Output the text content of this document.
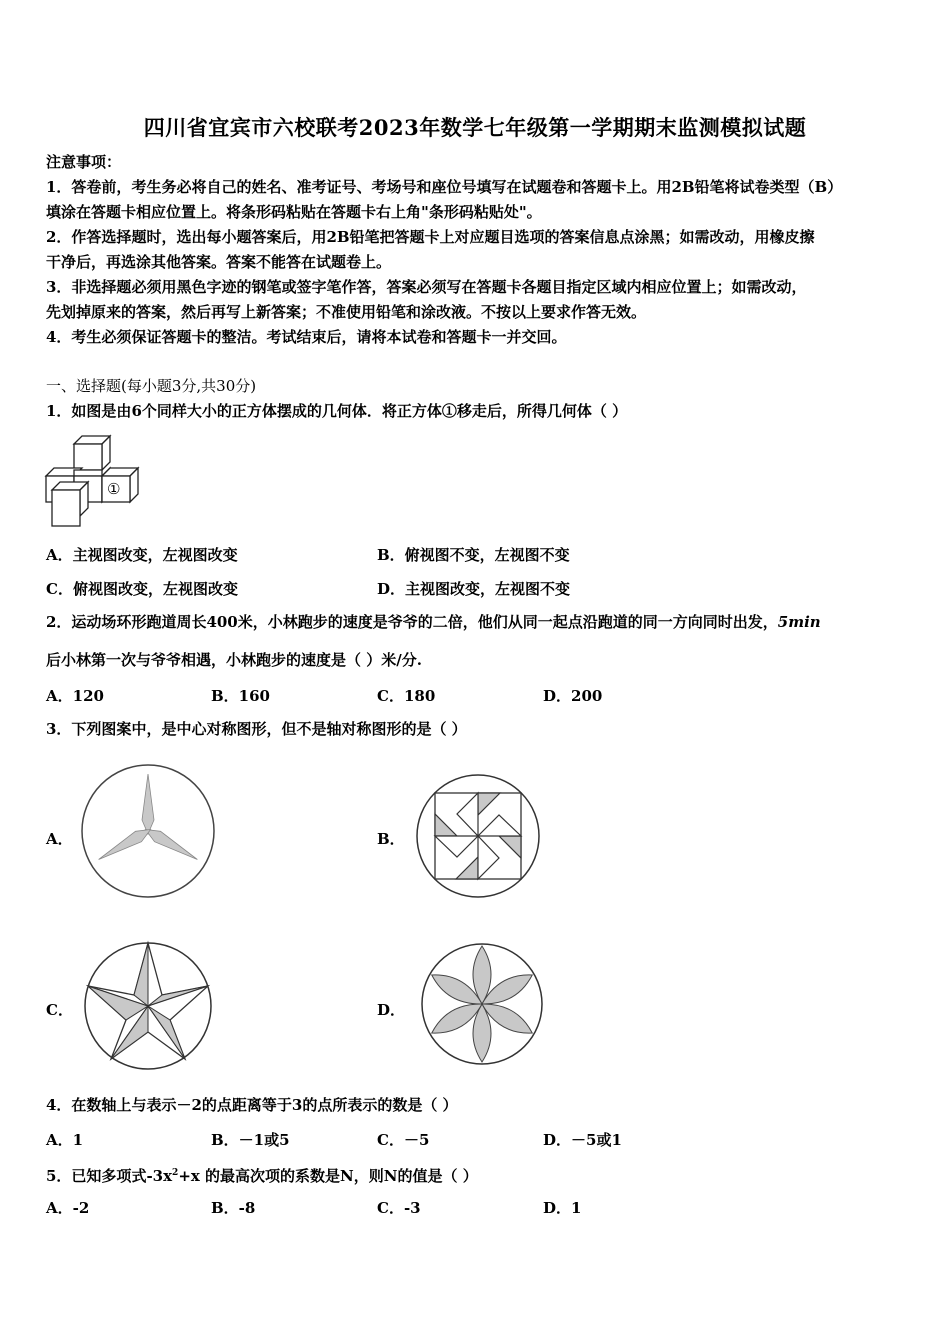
四川省宜宾市六校联考2023年数学七年级第一学期期末监测模拟试题
注意事项：
1．答卷前，考生务必将自己的姓名、准考证号、考场号和座位号填写在试题卷和答题卡上。用2B铅笔将试卷类型（B）
填涂在答题卡相应位置上。将条形码粘贴在答题卡右上角"条形码粘贴处"。
2．作答选择题时，选出每小题答案后，用2B铅笔把答题卡上对应题目选项的答案信息点涂黑；如需改动，用橡皮擦
干净后，再选涂其他答案。答案不能答在试题卷上。
3．非选择题必须用黑色字迹的钢笔或签字笔作答，答案必须写在答题卡各题目指定区域内相应位置上；如需改动，
先划掉原来的答案，然后再写上新答案；不准使用铅笔和涂改液。不按以上要求作答无效。
4．考生必须保证答题卡的整洁。考试结束后，请将本试卷和答题卡一并交回。
一、选择题(每小题3分,共30分)
1．如图是由6个同样大小的正方体摆成的几何体．将正方体①移走后，所得几何体（ ）
①
A．主视图改变，左视图改变	B．俯视图不变，左视图不变
C．俯视图改变，左视图改变	D．主视图改变，左视图不变
2．运动场环形跑道周长400米，小林跑步的速度是爷爷的二倍，他们从同一起点沿跑道的同一方向同时出发，5min
后小林第一次与爷爷相遇，小林跑步的速度是（ ）米/分.
A．120	B．160	C．180	D．200
3．下列图案中，是中心对称图形，但不是轴对称图形的是（ ）
A．	B．
C．	D．
4．在数轴上与表示－2的点距离等于3的点所表示的数是（ ）
A．1	B．－1或5	C．－5	D．－5或1
5．已知多项式$-3x^2+x$ 的最高次项的系数是N，则N的值是（ ）
A．-2	B．-8	C．-3	D．1
